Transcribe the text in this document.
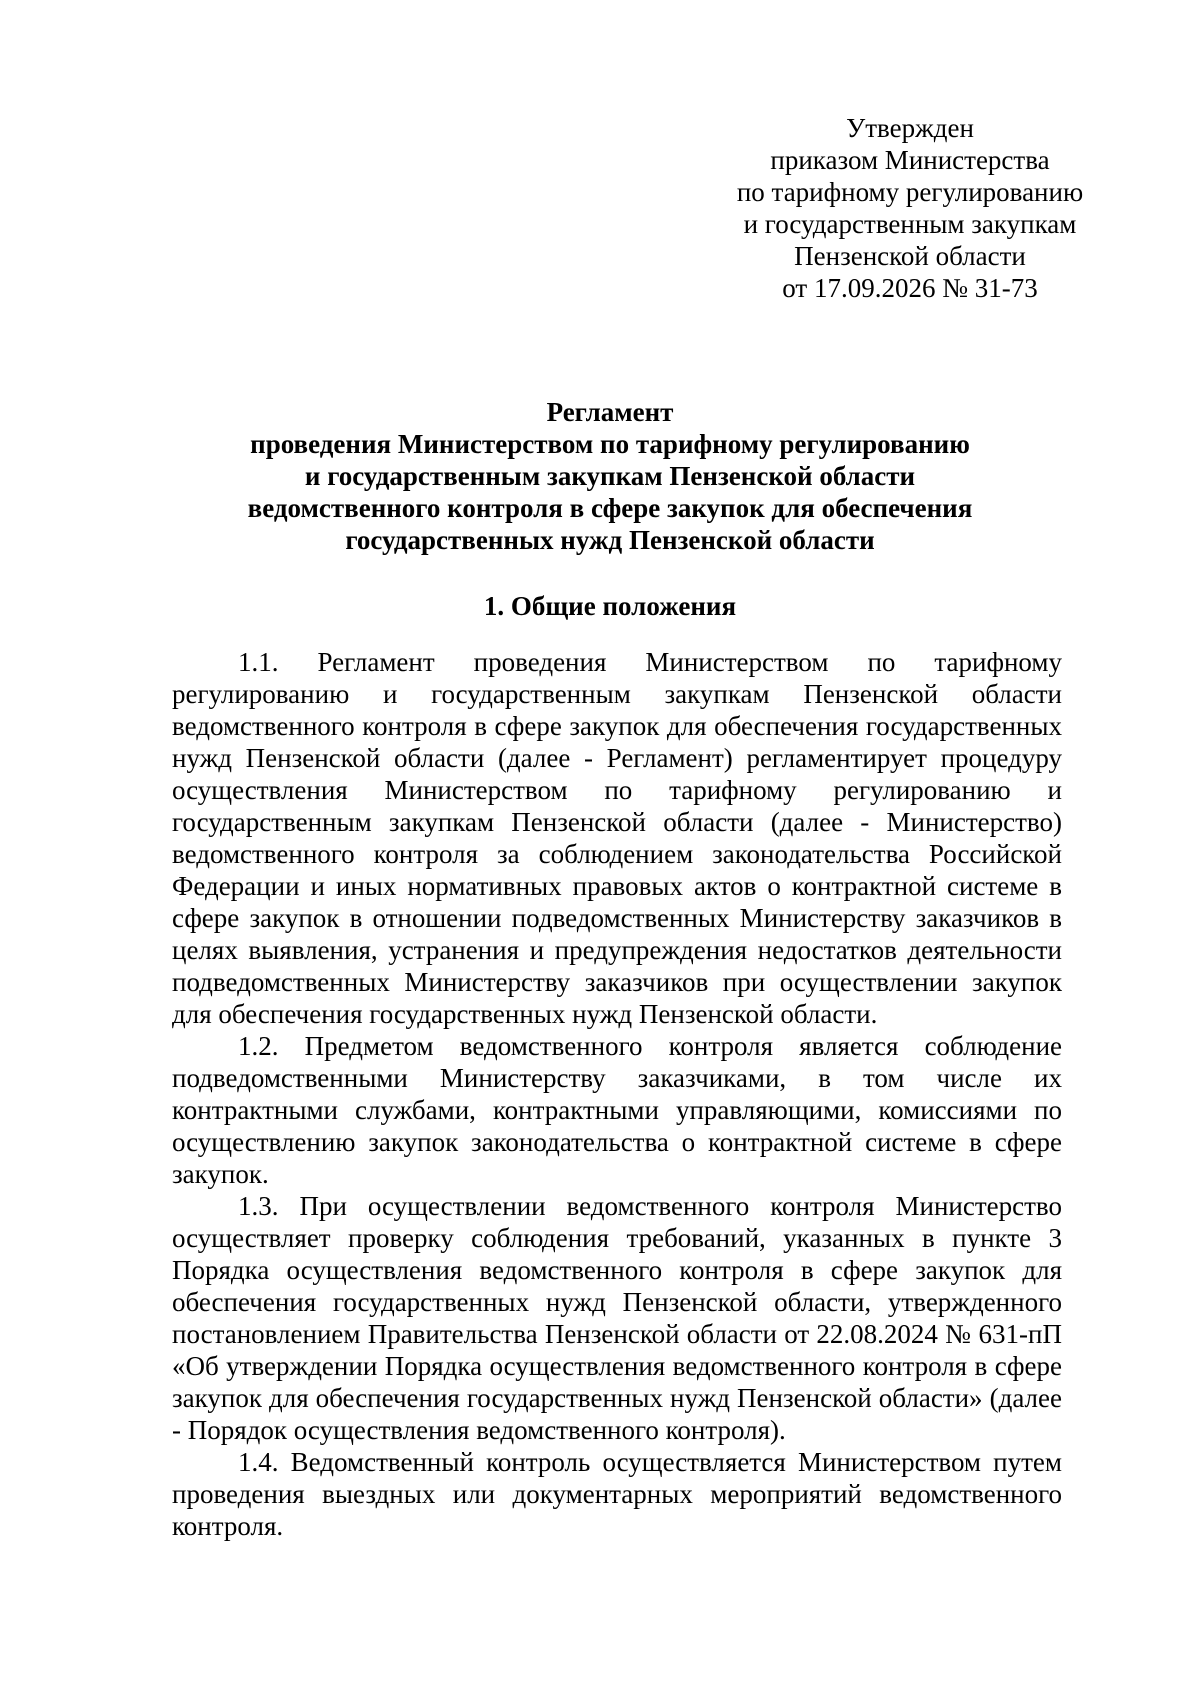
Утвержден
приказом Министерства
по тарифному регулированию
и государственным закупкам
Пензенской области
от 17.09.2026 № 31-73
Регламент
проведения Министерством по тарифному регулированию
и государственным закупкам Пензенской области
ведомственного контроля в сфере закупок для обеспечения
государственных нужд Пензенской области
1. Общие положения

1.1. Регламент проведения Министерством по тарифному регулированию и государственным закупкам Пензенской области ведомственного контроля в сфере закупок для обеспечения государственных нужд Пензенской области (далее - Регламент) регламентирует процедуру осуществления Министерством по тарифному регулированию и государственным закупкам Пензенской области (далее - Министерство) ведомственного контроля за соблюдением законодательства Российской Федерации и иных нормативных правовых актов о контрактной системе в сфере закупок в отношении подведомственных Министерству заказчиков в целях выявления, устранения и предупреждения недостатков деятельности подведомственных Министерству заказчиков при осуществлении закупок для обеспечения государственных нужд Пензенской области.

1.2. Предметом ведомственного контроля является соблюдение подведомственными Министерству заказчиками, в том числе их контрактными службами, контрактными управляющими, комиссиями по осуществлению закупок законодательства о контрактной системе в сфере закупок.

1.3. При осуществлении ведомственного контроля Министерство осуществляет проверку соблюдения требований, указанных в пункте 3 Порядка осуществления ведомственного контроля в сфере закупок для обеспечения государственных нужд Пензенской области, утвержденного постановлением Правительства Пензенской области от 22.08.2024 № 631-пП «Об утверждении Порядка осуществления ведомственного контроля в сфере закупок для обеспечения государственных нужд Пензенской области» (далее - Порядок осуществления ведомственного контроля).

1.4. Ведомственный контроль осуществляется Министерством путем проведения выездных или документарных мероприятий ведомственного контроля.
